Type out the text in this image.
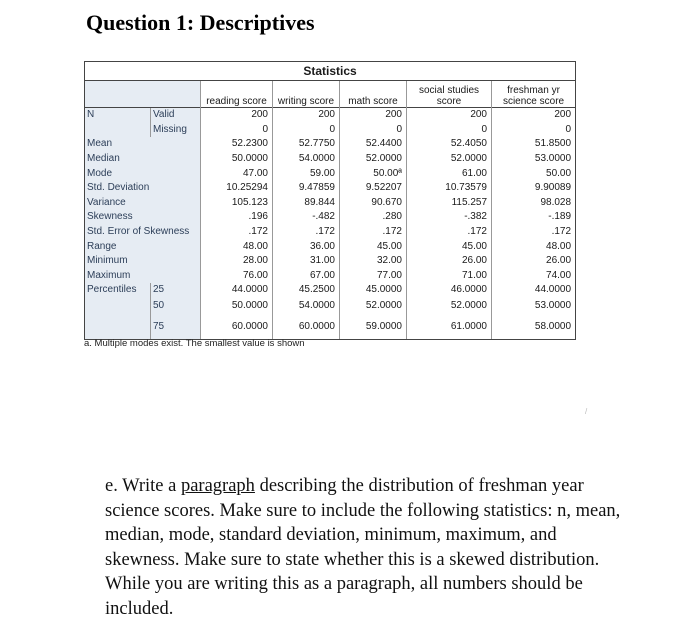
Question 1: Descriptives
Statistics						
		reading score	writing score	math score	social studies score	freshman yr science score
N	Valid	200	200	200	200	200
	Missing	0	0	0	0	0
Mean		52.2300	52.7750	52.4400	52.4050	51.8500
Median		50.0000	54.0000	52.0000	52.0000	53.0000
Mode		47.00	59.00	50.00ª	61.00	50.00
Std. Deviation		10.25294	9.47859	9.52207	10.73579	9.90089
Variance		105.123	89.844	90.670	115.257	98.028
Skewness		.196	-.482	.280	-.382	-.189
Std. Error of Skewness		.172	.172	.172	.172	.172
Range		48.00	36.00	45.00	45.00	48.00
Minimum		28.00	31.00	32.00	26.00	26.00
Maximum		76.00	67.00	77.00	71.00	74.00
Percentiles	25	44.0000	45.2500	45.0000	46.0000	44.0000
	50	50.0000	54.0000	52.0000	52.0000	53.0000
	75	60.0000	60.0000	59.0000	61.0000	58.0000
a. Multiple modes exist. The smallest value is shown
/

e. Write a paragraph describing the distribution of freshman year science scores. Make sure to include the following statistics: n, mean, median, mode, standard deviation, minimum, maximum, and skewness. Make sure to state whether this is a skewed distribution. While you are writing this as a paragraph, all numbers should be included.
